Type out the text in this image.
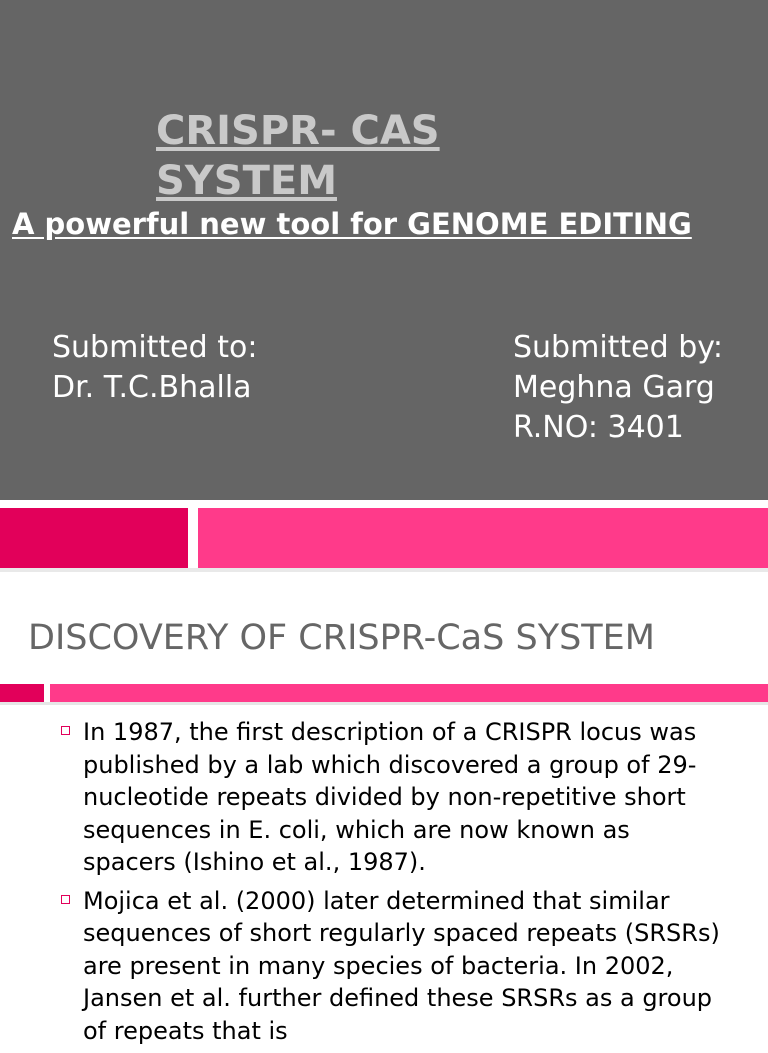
CRISPR- CAS SYSTEM
A powerful new tool for GENOME EDITING
Submitted to:
Dr. T.C.Bhalla
Submitted by:
Meghna Garg
R.NO: 3401
DISCOVERY OF CRISPR-CaS SYSTEM
In 1987, the first description of a CRISPR locus was published by a lab which discovered a group of 29-nucleotide repeats divided by non-repetitive short sequences in E. coli, which are now known as spacers (Ishino et al., 1987).
Mojica et al. (2000) later determined that similar sequences of short regularly spaced repeats (SRSRs) are present in many species of bacteria. In 2002, Jansen et al. further defined these SRSRs as a group of repeats that is
